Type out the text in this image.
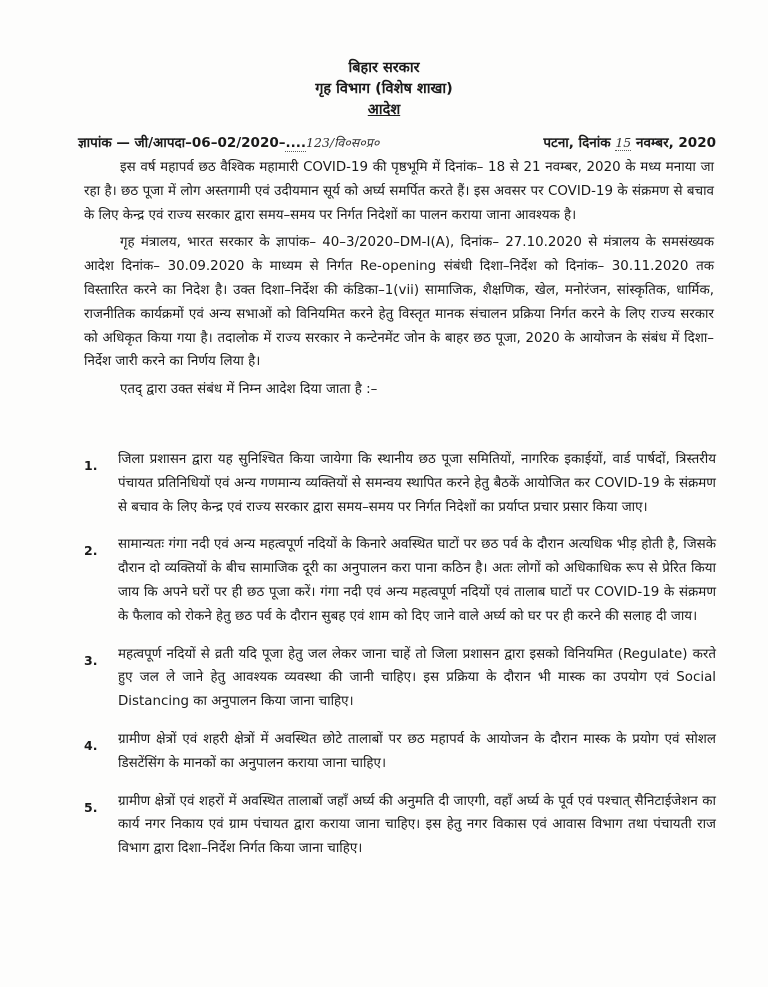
बिहार सरकार
गृह विभाग (विशेष शाखा)
आदेश
ज्ञापांक — जी/आपदा–06–02/2020–....123/वि०स०प्र०	पटना, दिनांक 15 नवम्बर, 2020

इस वर्ष महापर्व छठ वैश्विक महामारी COVID-19 की पृष्ठभूमि में दिनांक– 18 से 21 नवम्बर, 2020 के मध्य मनाया जा रहा है। छठ पूजा में लोग अस्तगामी एवं उदीयमान सूर्य को अर्घ्य समर्पित करते हैं। इस अवसर पर COVID-19 के संक्रमण से बचाव के लिए केन्द्र एवं राज्य सरकार द्वारा समय–समय पर निर्गत निदेशों का पालन कराया जाना आवश्यक है।

गृह मंत्रालय, भारत सरकार के ज्ञापांक– 40–3/2020–DM-I(A), दिनांक– 27.10.2020 से मंत्रालय के समसंख्यक आदेश दिनांक– 30.09.2020 के माध्यम से निर्गत Re-opening संबंधी दिशा–निर्देश को दिनांक– 30.11.2020 तक विस्तारित करने का निदेश है। उक्त दिशा–निर्देश की कंडिका–1(vii) सामाजिक, शैक्षणिक, खेल, मनोरंजन, सांस्कृतिक, धार्मिक, राजनीतिक कार्यक्रमों एवं अन्य सभाओं को विनियमित करने हेतु विस्तृत मानक संचालन प्रक्रिया निर्गत करने के लिए राज्य सरकार को अधिकृत किया गया है। तदालोक में राज्य सरकार ने कन्टेनमेंट जोन के बाहर छठ पूजा, 2020 के आयोजन के संबंध में दिशा–निर्देश जारी करने का निर्णय लिया है।

एतद् द्वारा उक्त संबंध में निम्न आदेश दिया जाता है :–

1.	जिला प्रशासन द्वारा यह सुनिश्चित किया जायेगा कि स्थानीय छठ पूजा समितियों, नागरिक इकाईयों, वार्ड पार्षदों, त्रिस्तरीय पंचायत प्रतिनिधियों एवं अन्य गणमान्य व्यक्तियों से समन्वय स्थापित करने हेतु बैठकें आयोजित कर COVID-19 के संक्रमण से बचाव के लिए केन्द्र एवं राज्य सरकार द्वारा समय–समय पर निर्गत निदेशों का प्रर्याप्त प्रचार प्रसार किया जाए।
2.	सामान्यतः गंगा नदी एवं अन्य महत्वपूर्ण नदियों के किनारे अवस्थित घाटों पर छठ पर्व के दौरान अत्यधिक भीड़ होती है, जिसके दौरान दो व्यक्तियों के बीच सामाजिक दूरी का अनुपालन करा पाना कठिन है। अतः लोगों को अधिकाधिक रूप से प्रेरित किया जाय कि अपने घरों पर ही छठ पूजा करें। गंगा नदी एवं अन्य महत्वपूर्ण नदियों एवं तालाब घाटों पर COVID-19 के संक्रमण के फैलाव को रोकने हेतु छठ पर्व के दौरान सुबह एवं शाम को दिए जाने वाले अर्घ्य को घर पर ही करने की सलाह दी जाय।
3.	महत्वपूर्ण नदियों से व्रती यदि पूजा हेतु जल लेकर जाना चाहें तो जिला प्रशासन द्वारा इसको विनियमित (Regulate) करते हुए जल ले जाने हेतु आवश्यक व्यवस्था की जानी चाहिए। इस प्रक्रिया के दौरान भी मास्क का उपयोग एवं Social Distancing का अनुपालन किया जाना चाहिए।
4.	ग्रामीण क्षेत्रों एवं शहरी क्षेत्रों में अवस्थित छोटे तालाबों पर छठ महापर्व के आयोजन के दौरान मास्क के प्रयोग एवं सोशल डिसटेंसिंग के मानकों का अनुपालन कराया जाना चाहिए।
5.	ग्रामीण क्षेत्रों एवं शहरों में अवस्थित तालाबों जहाँ अर्घ्य की अनुमति दी जाएगी, वहाँ अर्घ्य के पूर्व एवं पश्चात् सैनिटाईजेशन का कार्य नगर निकाय एवं ग्राम पंचायत द्वारा कराया जाना चाहिए। इस हेतु नगर विकास एवं आवास विभाग तथा पंचायती राज विभाग द्वारा दिशा–निर्देश निर्गत किया जाना चाहिए।
